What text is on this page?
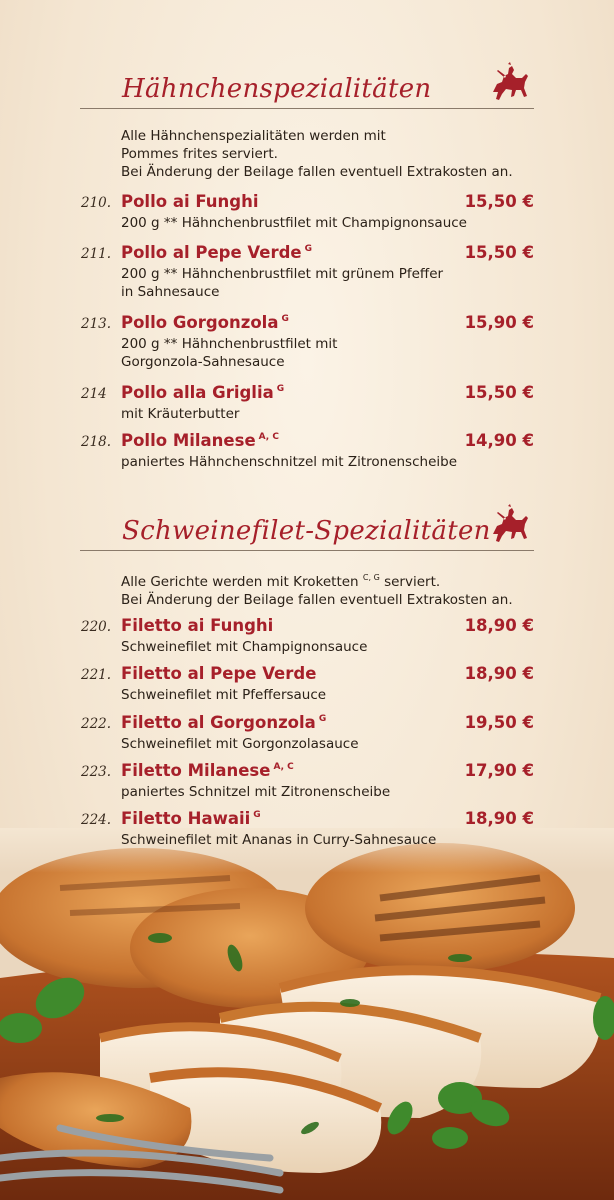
Hähnchenspezialitäten

Alle Hähnchenspezialitäten werden mit

Pommes frites serviert.

Bei Änderung der Beilage fallen eventuell Extrakosten an.

210. Pollo ai Funghi	15,50 €

200 g ** Hähnchenbrustfilet mit Champignonsauce

211. Pollo al Pepe Verde $^G$	15,50 €

200 g ** Hähnchenbrustfilet mit grünem Pfeffer

in Sahnesauce

213. Pollo Gorgonzola $^G$	15,90 €

200 g ** Hähnchenbrustfilet mit

Gorgonzola-Sahnesauce

214 Pollo alla Griglia $^G$	15,50 €

mit Kräuterbutter

218. Pollo Milanese $^{A, C}$	14,90 €

paniertes Hähnchenschnitzel mit Zitronenscheibe

Schweinefilet-Spezialitäten

Alle Gerichte werden mit Kroketten $^{C, G}$ serviert.

Bei Änderung der Beilage fallen eventuell Extrakosten an.

220. Filetto ai Funghi	18,90 €

Schweinefilet mit Champignonsauce

221. Filetto al Pepe Verde	18,90 €

Schweinefilet mit Pfeffersauce

222. Filetto al Gorgonzola $^G$	19,50 €

Schweinefilet mit Gorgonzolasauce

223. Filetto Milanese $^{A, C}$	17,90 €

paniertes Schnitzel mit Zitronenscheibe

224. Filetto Hawaii $^G$	18,90 €

Schweinefilet mit Ananas in Curry-Sahnesauce
